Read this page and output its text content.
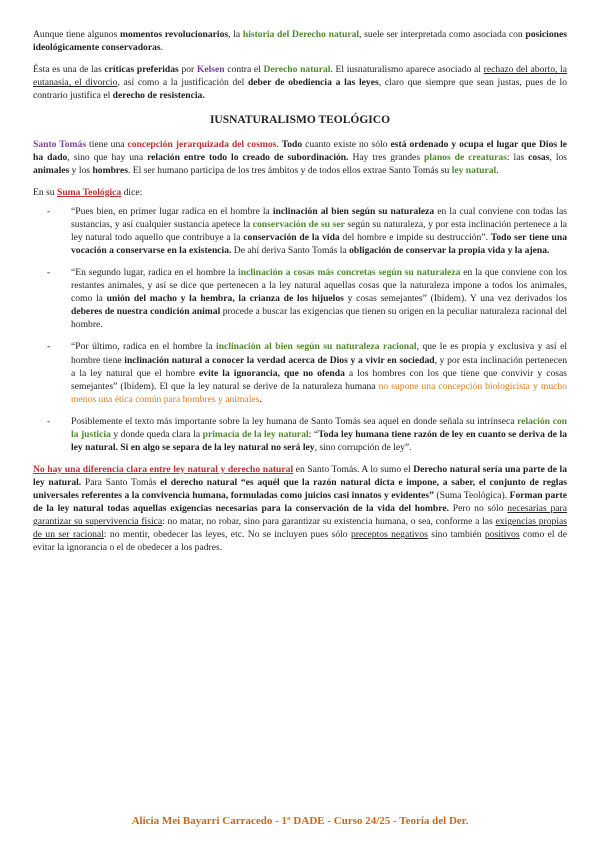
Aunque tiene algunos momentos revolucionarios, la historia del Derecho natural, suele ser interpretada como asociada con posiciones ideológicamente conservadoras.

Ésta es una de las críticas preferidas por Kelsen contra el Derecho natural. El iusnaturalismo aparece asociado al rechazo del aborto, la eutanasia, el divorcio, así como a la justificación del deber de obediencia a las leyes, claro que siempre que sean justas, pues de lo contrario justifica el derecho de resistencia.

IUSNATURALISMO TEOLÓGICO

Santo Tomás tiene una concepción jerarquizada del cosmos. Todo cuanto existe no sólo está ordenado y ocupa el lugar que Dios le ha dado, sino que hay una relación entre todo lo creado de subordinación. Hay tres grandes planos de creaturas: las cosas, los animales y los hombres. El ser humano participa de los tres ámbitos y de todos ellos extrae Santo Tomás su ley natural.

En su Suma Teológica dice:

- “Pues bien, en primer lugar radica en el hombre la inclinación al bien según su naturaleza en la cual conviene con todas las sustancias, y así cualquier sustancia apetece la conservación de su ser según su naturaleza, y por esta inclinación pertenece a la ley natural todo aquello que contribuye a la conservación de la vida del hombre e impide su destrucción”. Todo ser tiene una vocación a conservarse en la existencia. De ahí deriva Santo Tomás la obligación de conservar la propia vida y la ajena.
- “En segundo lugar, radica en el hombre la inclinación a cosas más concretas según su naturaleza en la que conviene con los restantes animales, y así se dice que pertenecen a la ley natural aquellas cosas que la naturaleza impone a todos los animales, como la unión del macho y la hembra, la crianza de los hijuelos y cosas semejantes” (Ibídem). Y una vez derivados los deberes de nuestra condición animal procede a buscar las exigencias que tienen su origen en la peculiar naturaleza racional del hombre.
- “Por último, radica en el hombre la inclinación al bien según su naturaleza racional, que le es propia y exclusiva y así el hombre tiene inclinación natural a conocer la verdad acerca de Dios y a vivir en sociedad, y por esta inclinación pertenecen a la ley natural que el hombre evite la ignorancia, que no ofenda a los hombres con los que tiene que convivir y cosas semejantes” (Ibídem). El que la ley natural se derive de la naturaleza humana no supone una concepción biologicista y mucho menos una ética común para hombres y animales.
- Posiblemente el texto más importante sobre la ley humana de Santo Tomás sea aquel en donde señala su intrínseca relación con la justicia y donde queda clara la primacía de la ley natural: “Toda ley humana tiene razón de ley en cuanto se deriva de la ley natural. Si en algo se separa de la ley natural no será ley, sino corrupción de ley”.

No hay una diferencia clara entre ley natural y derecho natural en Santo Tomás. A lo sumo el Derecho natural sería una parte de la ley natural. Para Santo Tomás el derecho natural “es aquél que la razón natural dicta e impone, a saber, el conjunto de reglas universales referentes a la convivencia humana, formuladas como juicios casi innatos y evidentes” (Suma Teológica). Forman parte de la ley natural todas aquellas exigencias necesarias para la conservación de la vida del hombre. Pero no sólo necesarias para garantizar su supervivencia física: no matar, no robar, sino para garantizar su existencia humana, o sea, conforme a las exigencias propias de un ser racional: no mentir, obedecer las leyes, etc. No se incluyen pues sólo preceptos negativos sino también positivos como el de evitar la ignorancia o el de obedecer a los padres.

Alicia Mei Bayarri Carracedo - 1º DADE - Curso 24/25 - Teoría del Der.
